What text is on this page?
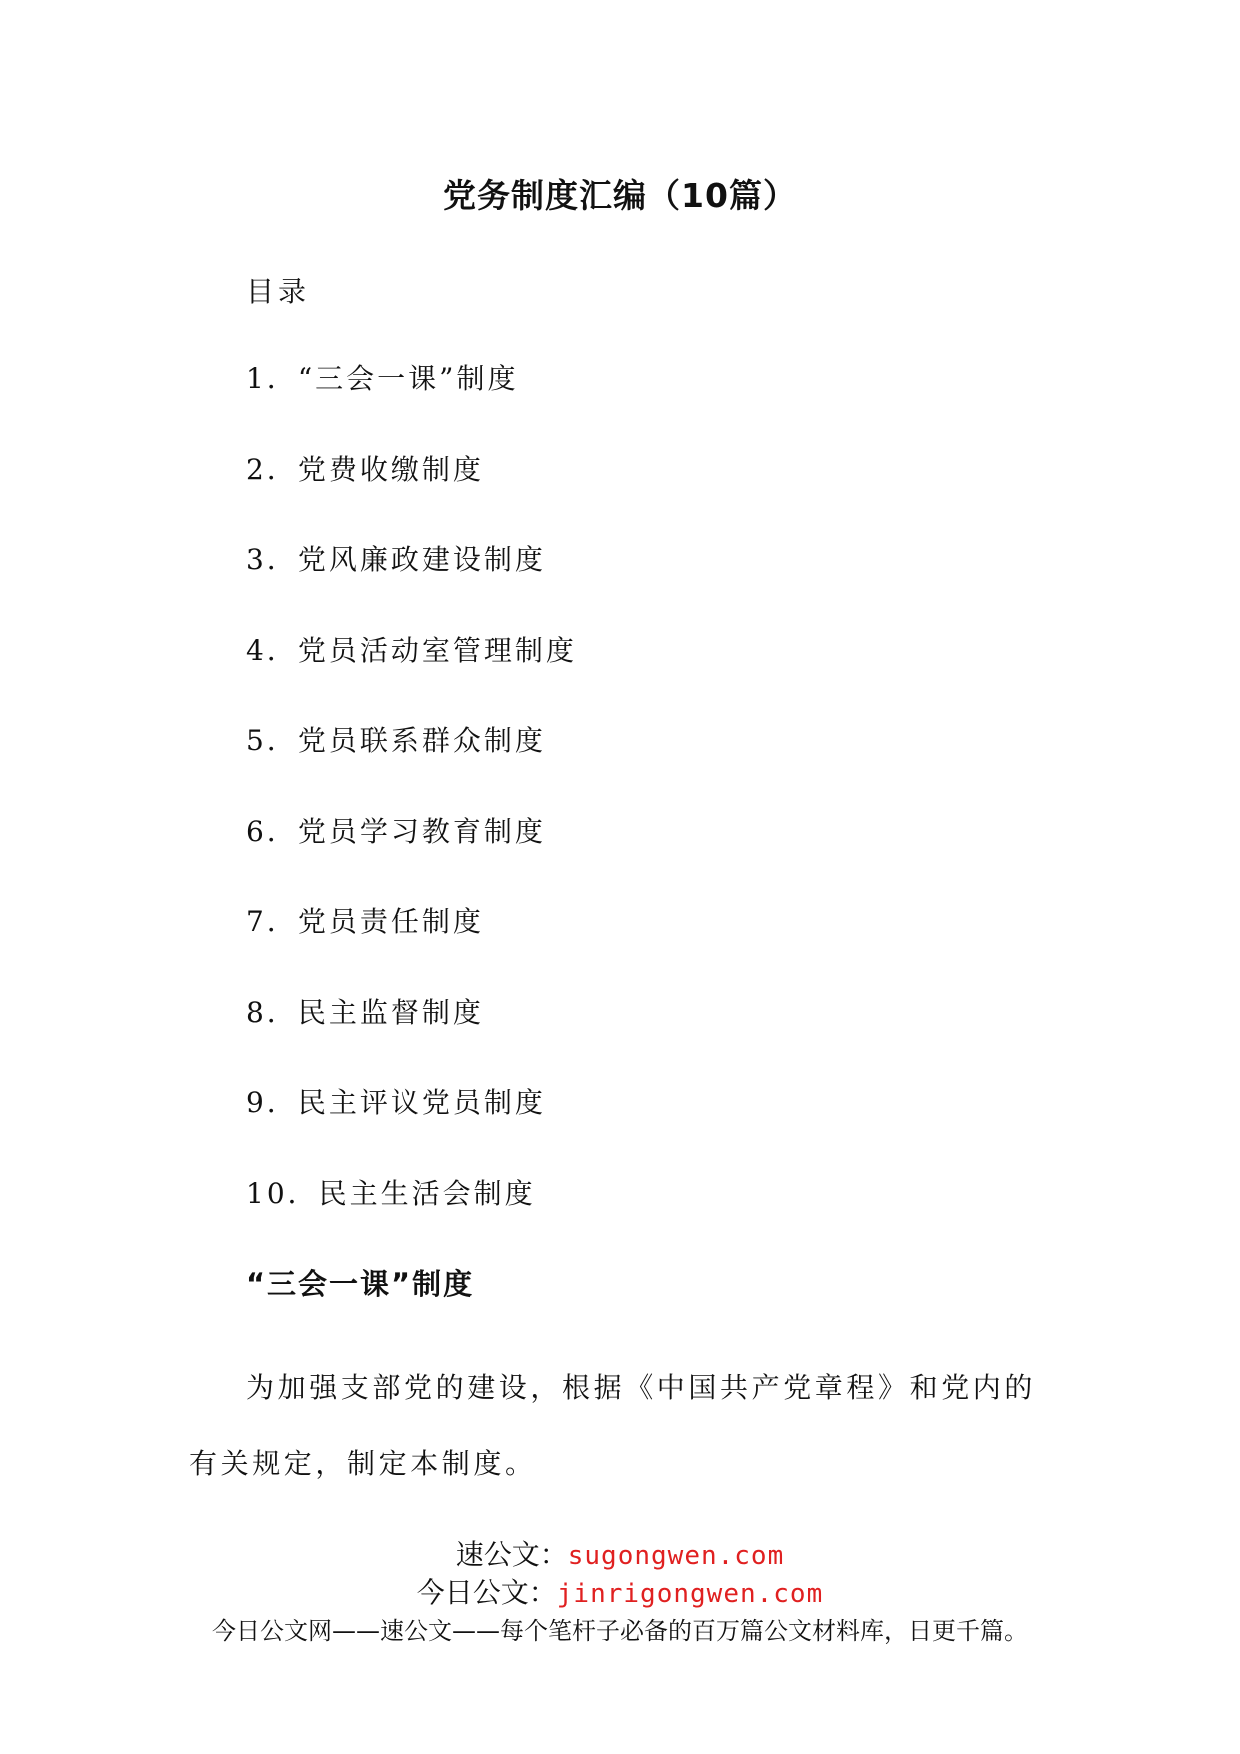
党务制度汇编（10篇）
目录
1．“三会一课”制度
2．党费收缴制度
3．党风廉政建设制度
4．党员活动室管理制度
5．党员联系群众制度
6．党员学习教育制度
7．党员责任制度
8．民主监督制度
9．民主评议党员制度
10．民主生活会制度
“三会一课”制度

为加强支部党的建设，根据《中国共产党章程》和党内的有关规定，制定本制度。

速公文：sugongwen.com
今日公文：jinrigongwen.com
今日公文网——速公文——每个笔杆子必备的百万篇公文材料库，日更千篇。
